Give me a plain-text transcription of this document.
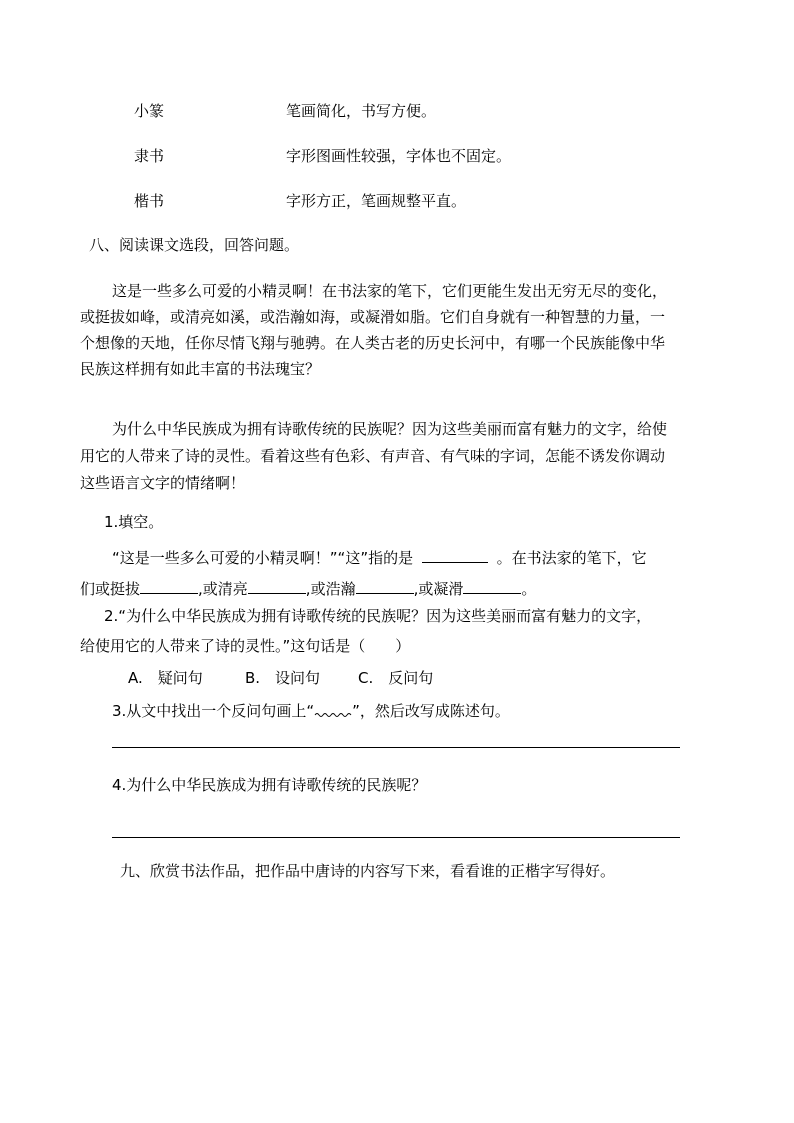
小篆	笔画简化，书写方便。
隶书	字形图画性较强，字体也不固定。
楷书	字形方正，笔画规整平直。
八、阅读课文选段，回答问题。
这是一些多么可爱的小精灵啊！在书法家的笔下，它们更能生发出无穷无尽的变化，
或挺拔如峰，或清亮如溪，或浩瀚如海，或凝滑如脂。它们自身就有一种智慧的力量，一
个想像的天地，任你尽情飞翔与驰骋。在人类古老的历史长河中，有哪一个民族能像中华
民族这样拥有如此丰富的书法瑰宝？
为什么中华民族成为拥有诗歌传统的民族呢？因为这些美丽而富有魅力的文字，给使
用它的人带来了诗的灵性。看着这些有色彩、有声音、有气味的字词，怎能不诱发你调动
这些语言文字的情绪啊！
1.填空。
“这是一些多么可爱的小精灵啊！”“这”指的是	。在书法家的笔下，它
们或挺拔	,或清亮	,或浩瀚	,或凝滑	。
2.“为什么中华民族成为拥有诗歌传统的民族呢？因为这些美丽而富有魅力的文字，
给使用它的人带来了诗的灵性。”这句话是（　　）
A.　疑问句	B.　设问句	C.　反问句
3.从文中找出一个反问句画上“	”，然后改写成陈述句。
4.为什么中华民族成为拥有诗歌传统的民族呢？
九、欣赏书法作品，把作品中唐诗的内容写下来，看看谁的正楷字写得好。
